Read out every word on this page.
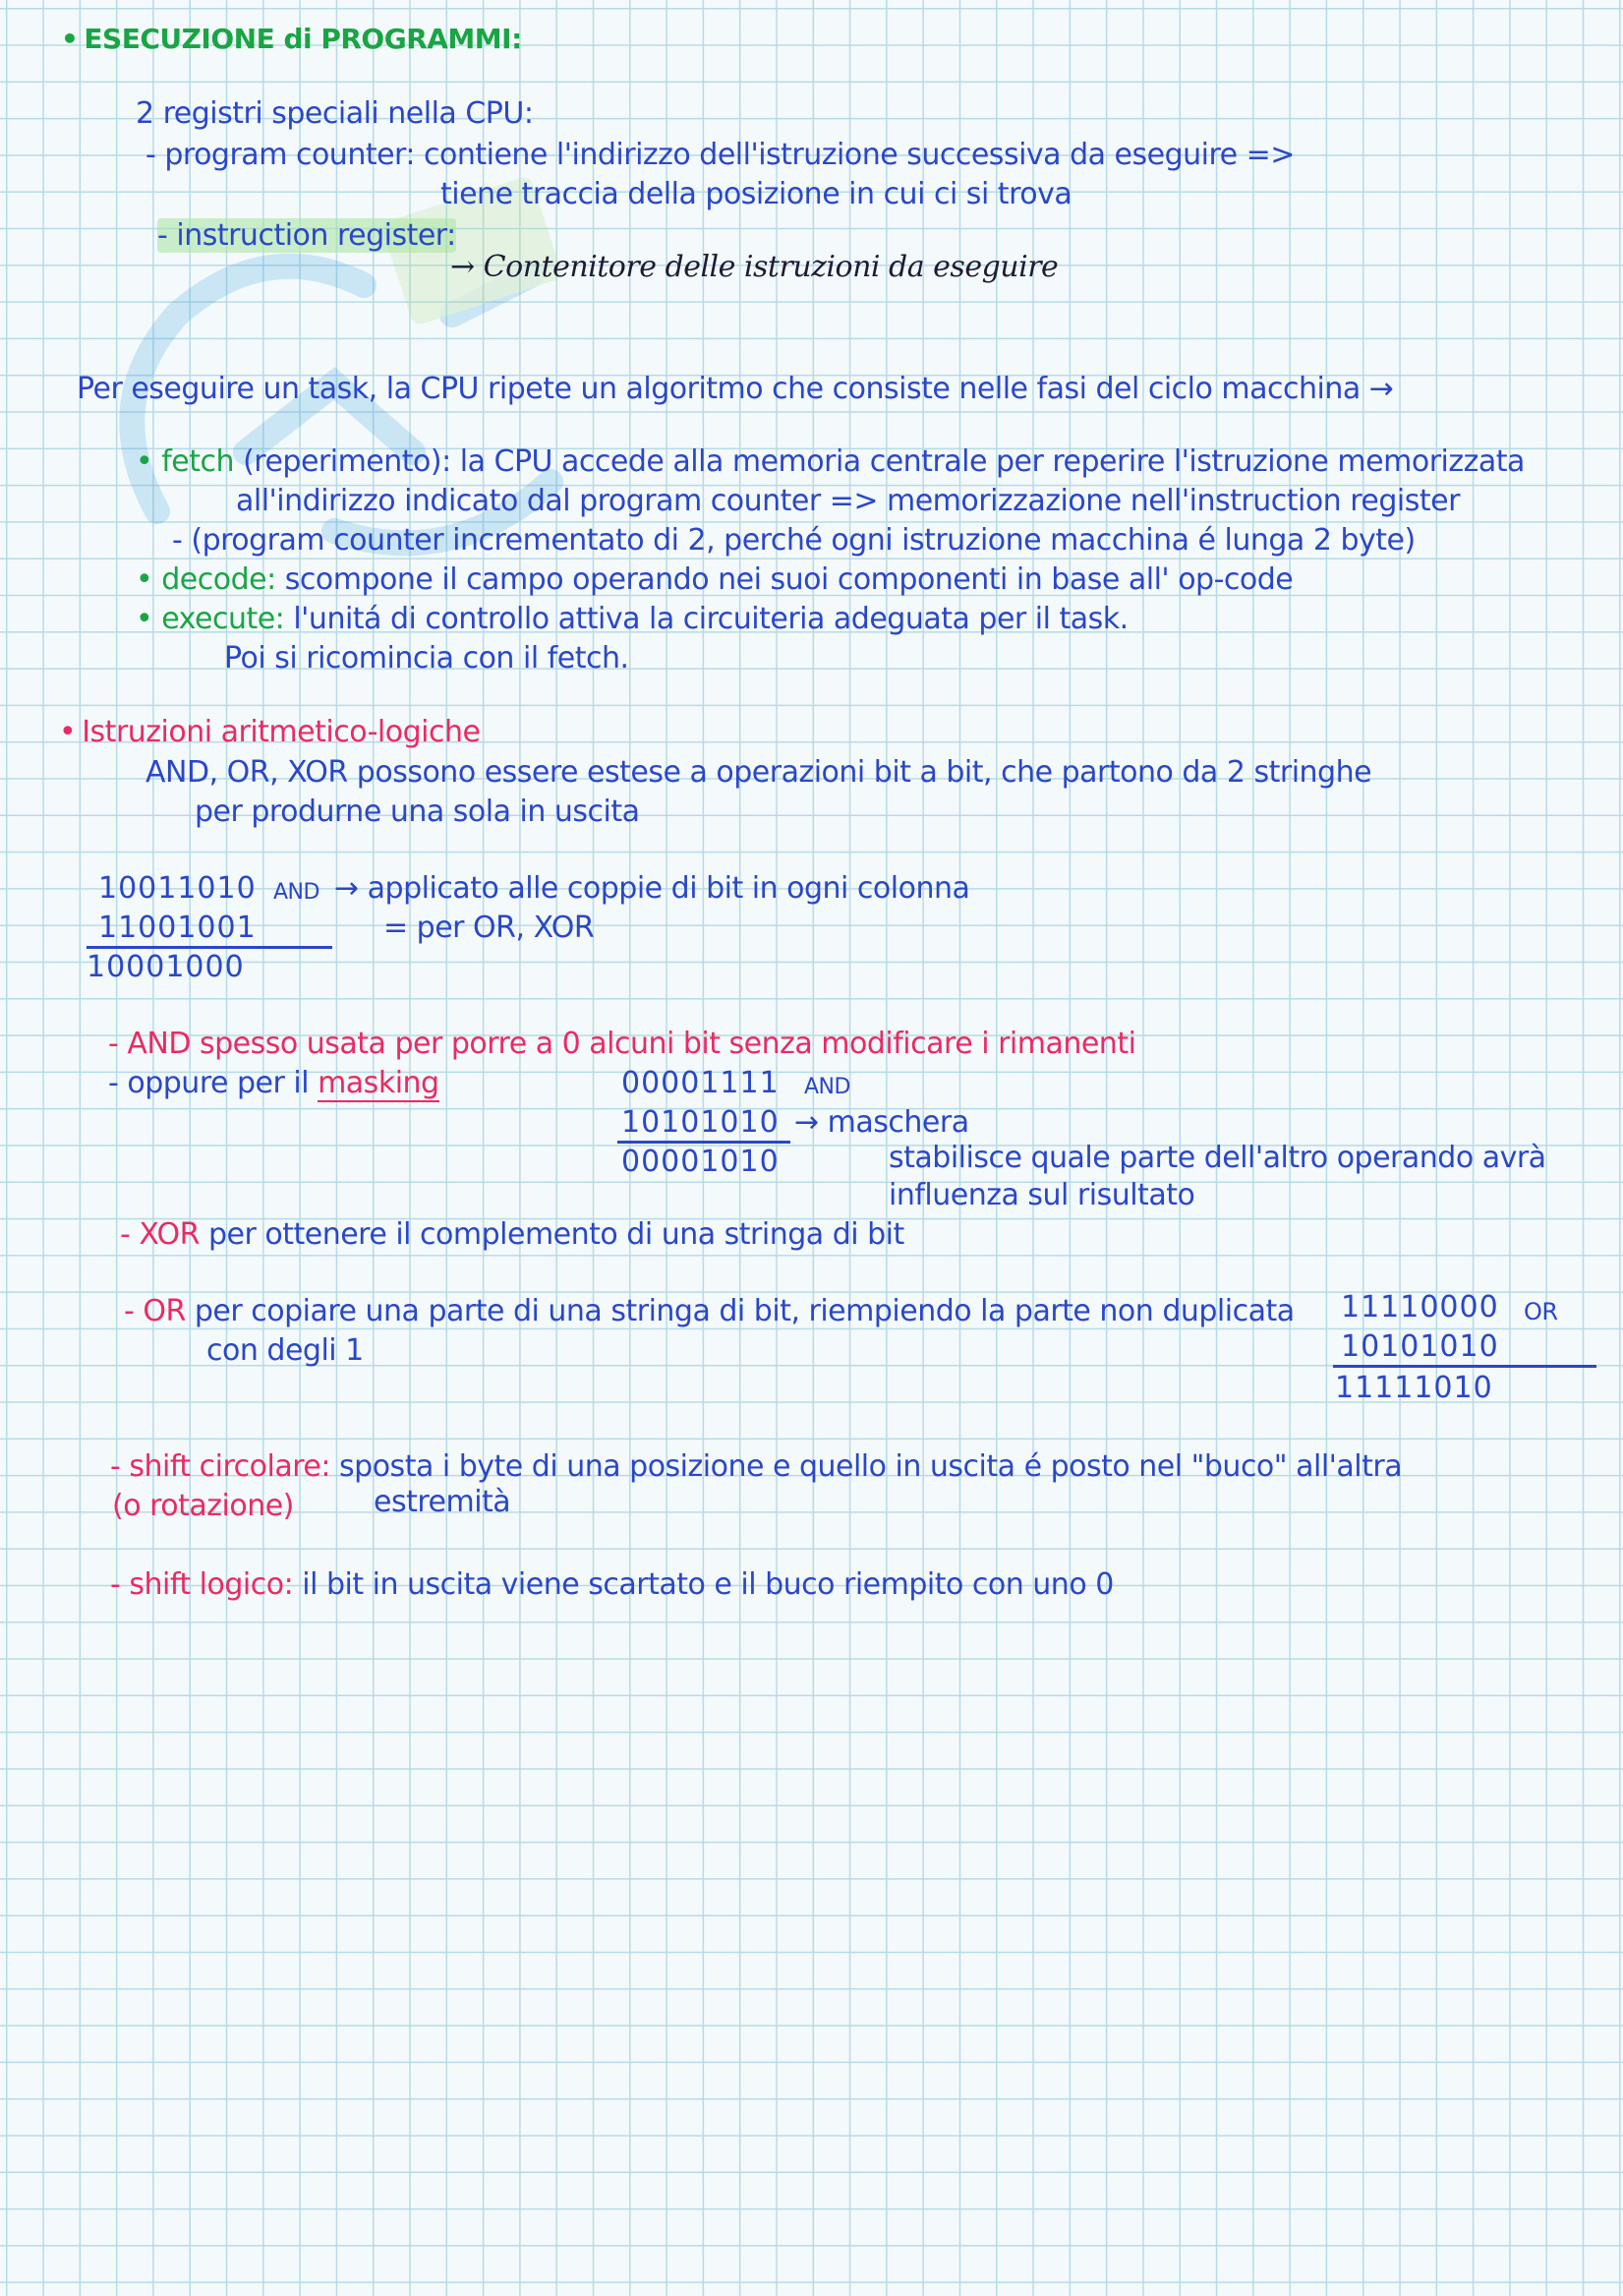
• ESECUZIONE di PROGRAMMI:
2 registri speciali nella CPU:
- program counter: contiene l'indirizzo dell'istruzione successiva da eseguire =>
tiene traccia della posizione in cui ci si trova
- instruction register:
→ Contenitore delle istruzioni da eseguire
Per eseguire un task, la CPU ripete un algoritmo che consiste nelle fasi del ciclo macchina →
• fetch (reperimento): la CPU accede alla memoria centrale per reperire l'istruzione memorizzata
all'indirizzo indicato dal program counter => memorizzazione nell'instruction register
- (program counter incrementato di 2, perché ogni istruzione macchina é lunga 2 byte)
• decode: scompone il campo operando nei suoi componenti in base all' op-code
• execute: l'unitá di controllo attiva la circuiteria adeguata per il task.
Poi si ricomincia con il fetch.
• Istruzioni aritmetico-logiche
AND, OR, XOR possono essere estese a operazioni bit a bit, che partono da 2 stringhe
per produrne una sola in uscita
10011010 AND → applicato alle coppie di bit in ogni colonna
11001001	= per OR, XOR
10001000
- AND spesso usata per porre a 0 alcuni bit senza modificare i rimanenti
- oppure per il masking	00001111 AND
10101010 → maschera
00001010	stabilisce quale parte dell'altro operando avrà
influenza sul risultato
- XOR per ottenere il complemento di una stringa di bit
- OR per copiare una parte di una stringa di bit, riempiendo la parte non duplicata
con degli 1
11110000 OR
10101010
11111010
- shift circolare: sposta i byte di una posizione e quello in uscita é posto nel "buco" all'altra
(o rotazione)	estremità
- shift logico: il bit in uscita viene scartato e il buco riempito con uno 0
